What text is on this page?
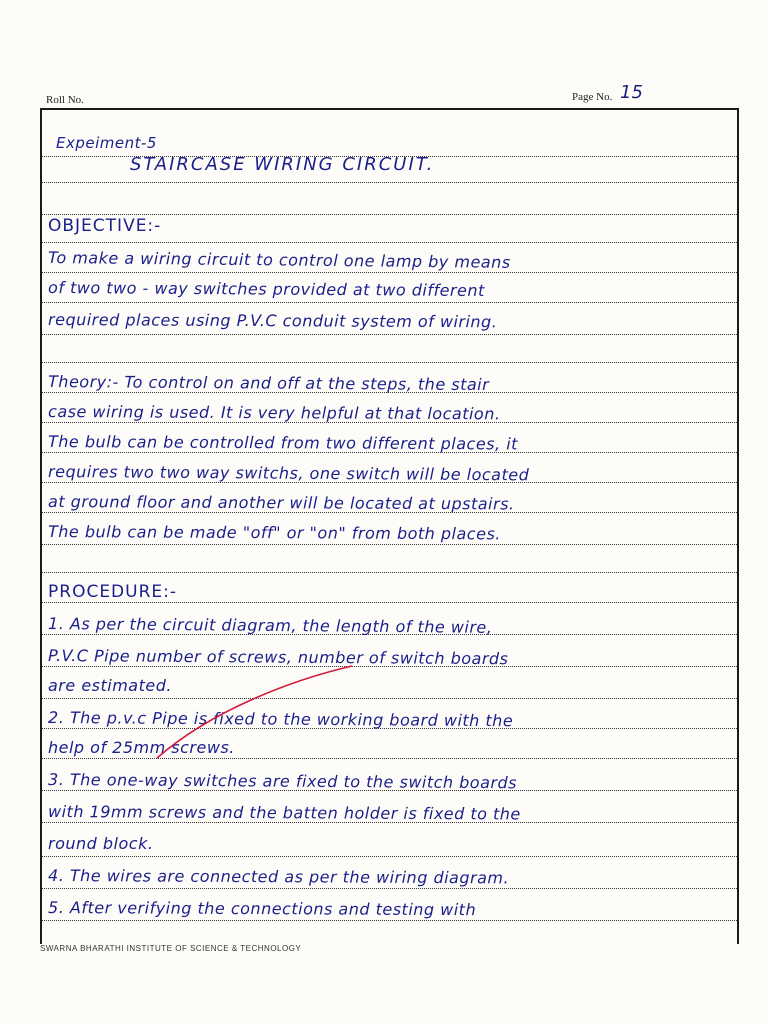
Roll No.	Page No. 15
Expeiment-5
STAIRCASE WIRING CIRCUIT.
OBJECTIVE:-
To make a wiring circuit to control one lamp by means
of two two - way switches provided at two different
required places using P.V.C conduit system of wiring.
Theory:- To control on and off at the steps, the stair
case wiring is used. It is very helpful at that location.
The bulb can be controlled from two different places, it
requires two two way switchs, one switch will be located
at ground floor and another will be located at upstairs.
The bulb can be made "off" or "on" from both places.
PROCEDURE:-
1. As per the circuit diagram, the length of the wire,
P.V.C Pipe number of screws, number of switch boards
are estimated.
2. The p.v.c Pipe is fixed to the working board with the
help of 25mm screws.
3. The one-way switches are fixed to the switch boards
with 19mm screws and the batten holder is fixed to the
round block.
4. The wires are connected as per the wiring diagram.
5. After verifying the connections and testing with
SWARNA BHARATHI INSTITUTE OF SCIENCE & TECHNOLOGY
